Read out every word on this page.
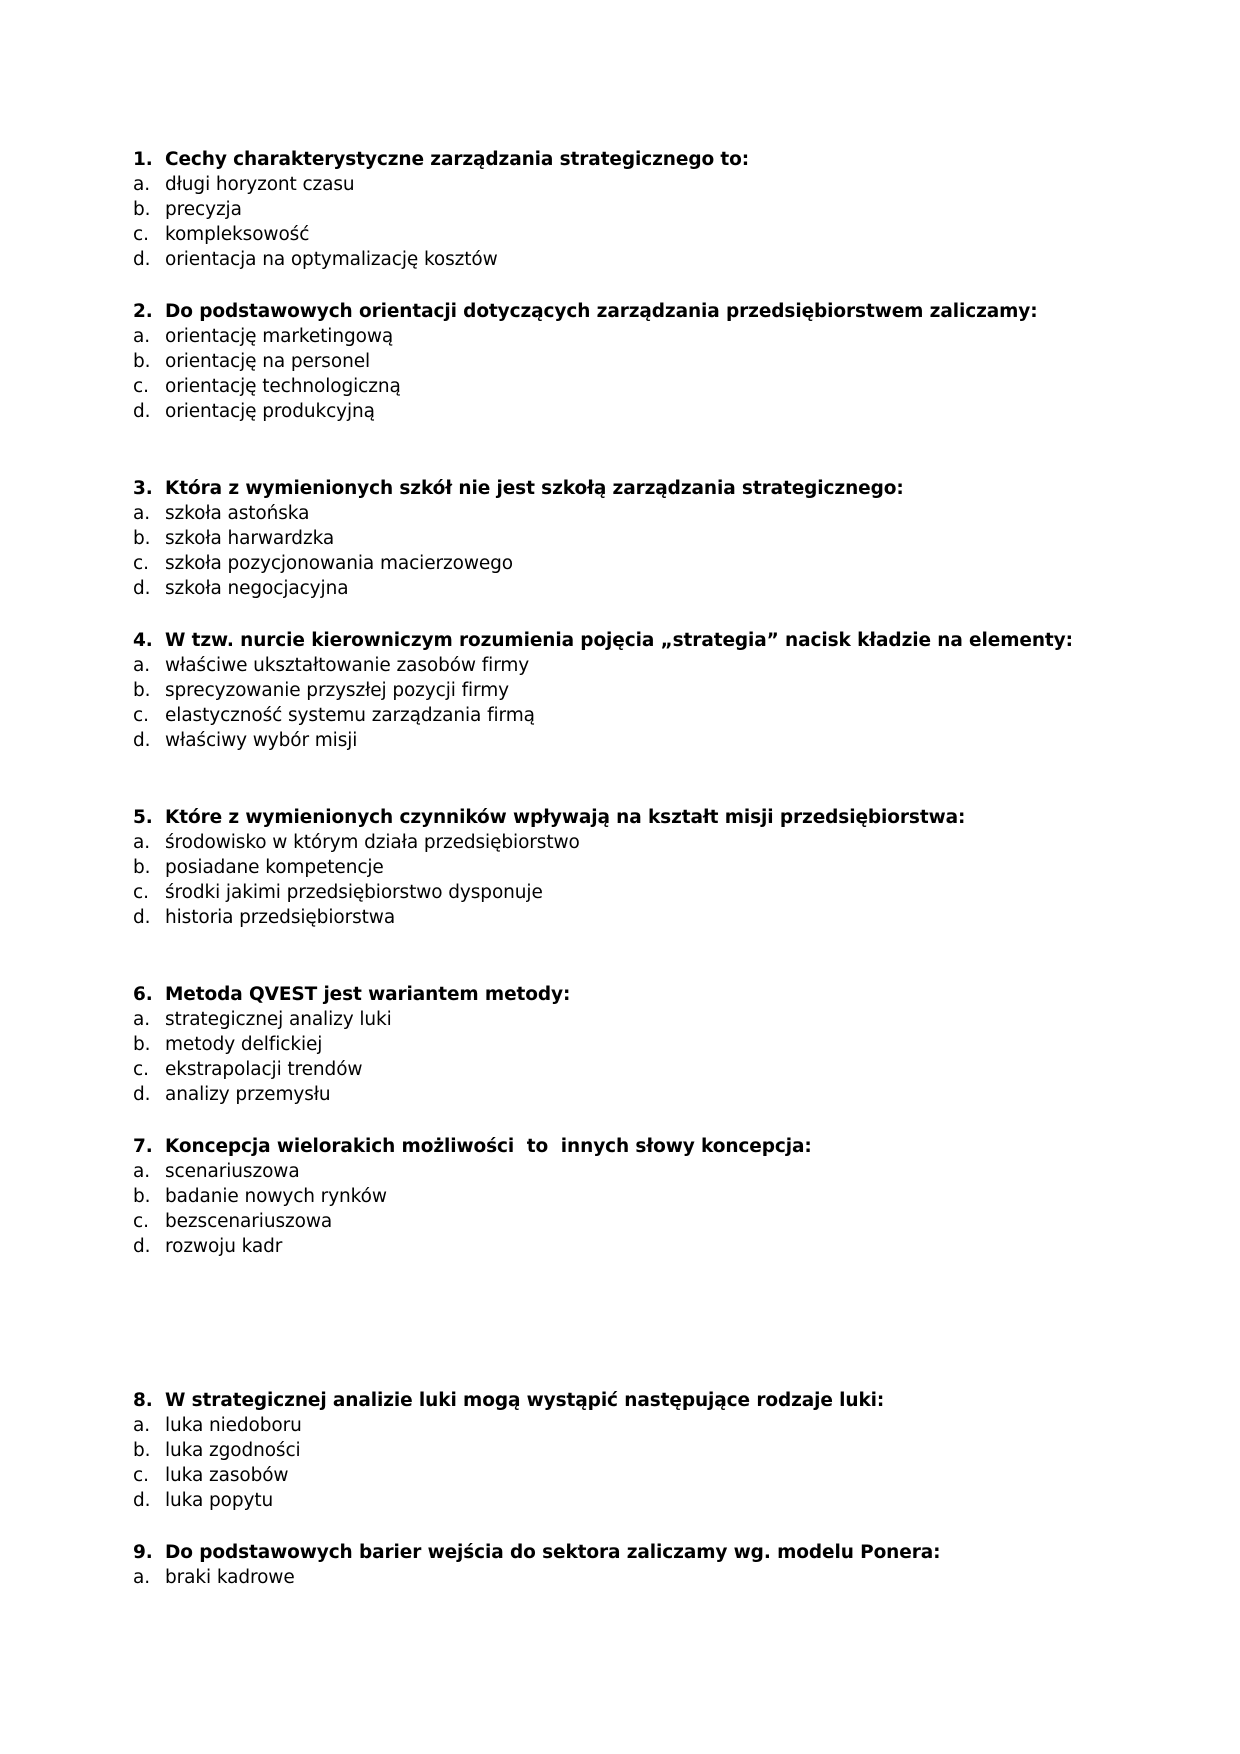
1. Cechy charakterystyczne zarządzania strategicznego to:
a. długi horyzont czasu
b. precyzja
c. kompleksowość
d. orientacja na optymalizację kosztów
2. Do podstawowych orientacji dotyczących zarządzania przedsiębiorstwem zaliczamy:
a. orientację marketingową
b. orientację na personel
c. orientację technologiczną
d. orientację produkcyjną
3. Która z wymienionych szkół nie jest szkołą zarządzania strategicznego:
a. szkoła astońska
b. szkoła harwardzka
c. szkoła pozycjonowania macierzowego
d. szkoła negocjacyjna
4. W tzw. nurcie kierowniczym rozumienia pojęcia „strategia” nacisk kładzie na elementy:
a. właściwe ukształtowanie zasobów firmy
b. sprecyzowanie przyszłej pozycji firmy
c. elastyczność systemu zarządzania firmą
d. właściwy wybór misji
5. Które z wymienionych czynników wpływają na kształt misji przedsiębiorstwa:
a. środowisko w którym działa przedsiębiorstwo
b. posiadane kompetencje
c. środki jakimi przedsiębiorstwo dysponuje
d. historia przedsiębiorstwa
6. Metoda QVEST jest wariantem metody:
a. strategicznej analizy luki
b. metody delfickiej
c. ekstrapolacji trendów
d. analizy przemysłu
7. Koncepcja wielorakich możliwości  to  innych słowy koncepcja:
a. scenariuszowa
b. badanie nowych rynków
c. bezscenariuszowa
d. rozwoju kadr
8. W strategicznej analizie luki mogą wystąpić następujące rodzaje luki:
a. luka niedoboru
b. luka zgodności
c. luka zasobów
d. luka popytu
9. Do podstawowych barier wejścia do sektora zaliczamy wg. modelu Ponera:
a. braki kadrowe
